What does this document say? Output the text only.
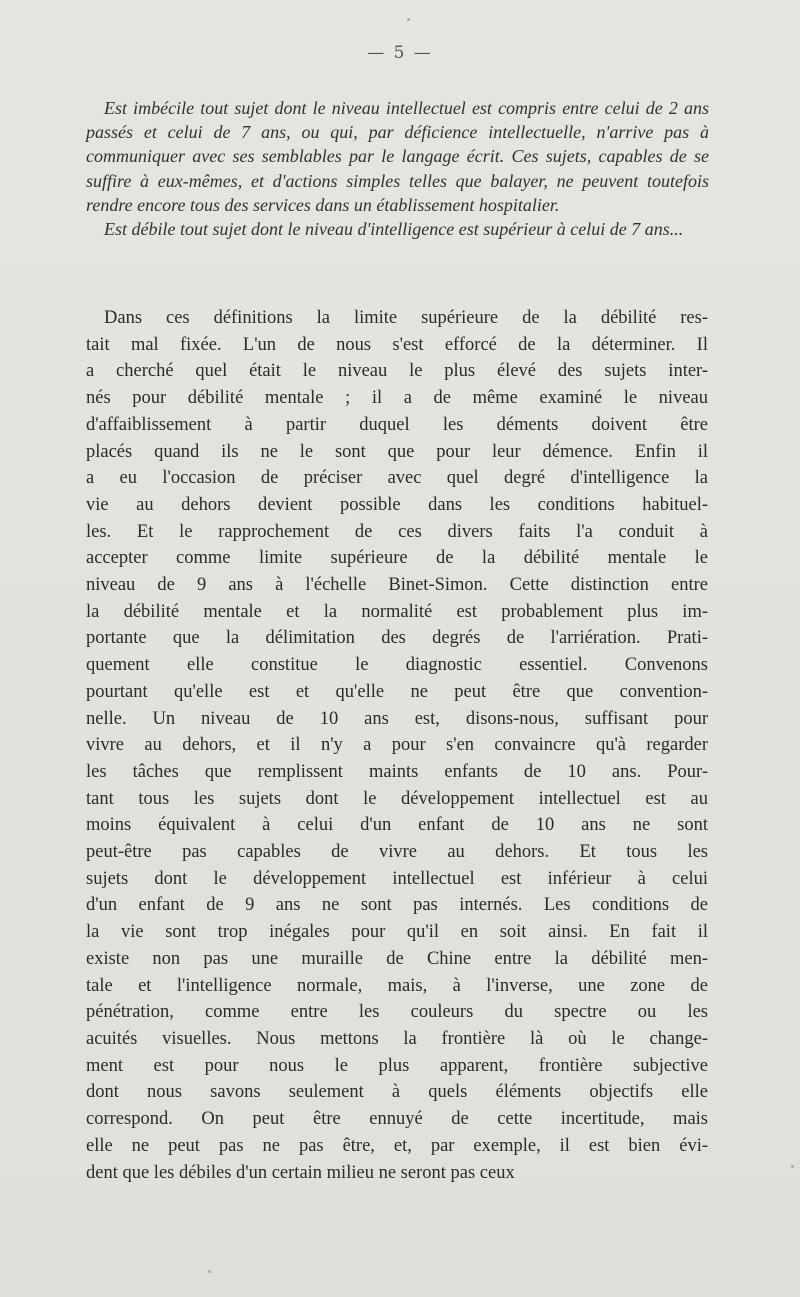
— 5 —

Est imbécile tout sujet dont le niveau intellectuel est compris entre celui de 2 ans passés et celui de 7 ans, ou qui, par déficience intellectuelle, n'arrive pas à communiquer avec ses semblables par le langage écrit. Ces sujets, capables de se suffire à eux-mêmes, et d'actions simples telles que balayer, ne peuvent toutefois rendre encore tous des services dans un établissement hospitalier.

Est débile tout sujet dont le niveau d'intelligence est supérieur à celui de 7 ans...

Dans ces définitions la limite supérieure de la débilité res-
tait mal fixée. L'un de nous s'est efforcé de la déterminer. Il
a cherché quel était le niveau le plus élevé des sujets inter-
nés pour débilité mentale ; il a de même examiné le niveau
d'affaiblissement à partir duquel les déments doivent être
placés quand ils ne le sont que pour leur démence. Enfin il
a eu l'occasion de préciser avec quel degré d'intelligence la
vie au dehors devient possible dans les conditions habituel-
les. Et le rapprochement de ces divers faits l'a conduit à
accepter comme limite supérieure de la débilité mentale le
niveau de 9 ans à l'échelle Binet-Simon. Cette distinction entre
la débilité mentale et la normalité est probablement plus im-
portante que la délimitation des degrés de l'arriération. Prati-
quement elle constitue le diagnostic essentiel. Convenons
pourtant qu'elle est et qu'elle ne peut être que convention-
nelle. Un niveau de 10 ans est, disons-nous, suffisant pour
vivre au dehors, et il n'y a pour s'en convaincre qu'à regarder
les tâches que remplissent maints enfants de 10 ans. Pour-
tant tous les sujets dont le développement intellectuel est au
moins équivalent à celui d'un enfant de 10 ans ne sont
peut-être pas capables de vivre au dehors. Et tous les
sujets dont le développement intellectuel est inférieur à celui
d'un enfant de 9 ans ne sont pas internés. Les conditions de
la vie sont trop inégales pour qu'il en soit ainsi. En fait il
existe non pas une muraille de Chine entre la débilité men-
tale et l'intelligence normale, mais, à l'inverse, une zone de
pénétration, comme entre les couleurs du spectre ou les
acuités visuelles. Nous mettons la frontière là où le change-
ment est pour nous le plus apparent, frontière subjective
dont nous savons seulement à quels éléments objectifs elle
correspond. On peut être ennuyé de cette incertitude, mais
elle ne peut pas ne pas être, et, par exemple, il est bien évi-
dent que les débiles d'un certain milieu ne seront pas ceux
